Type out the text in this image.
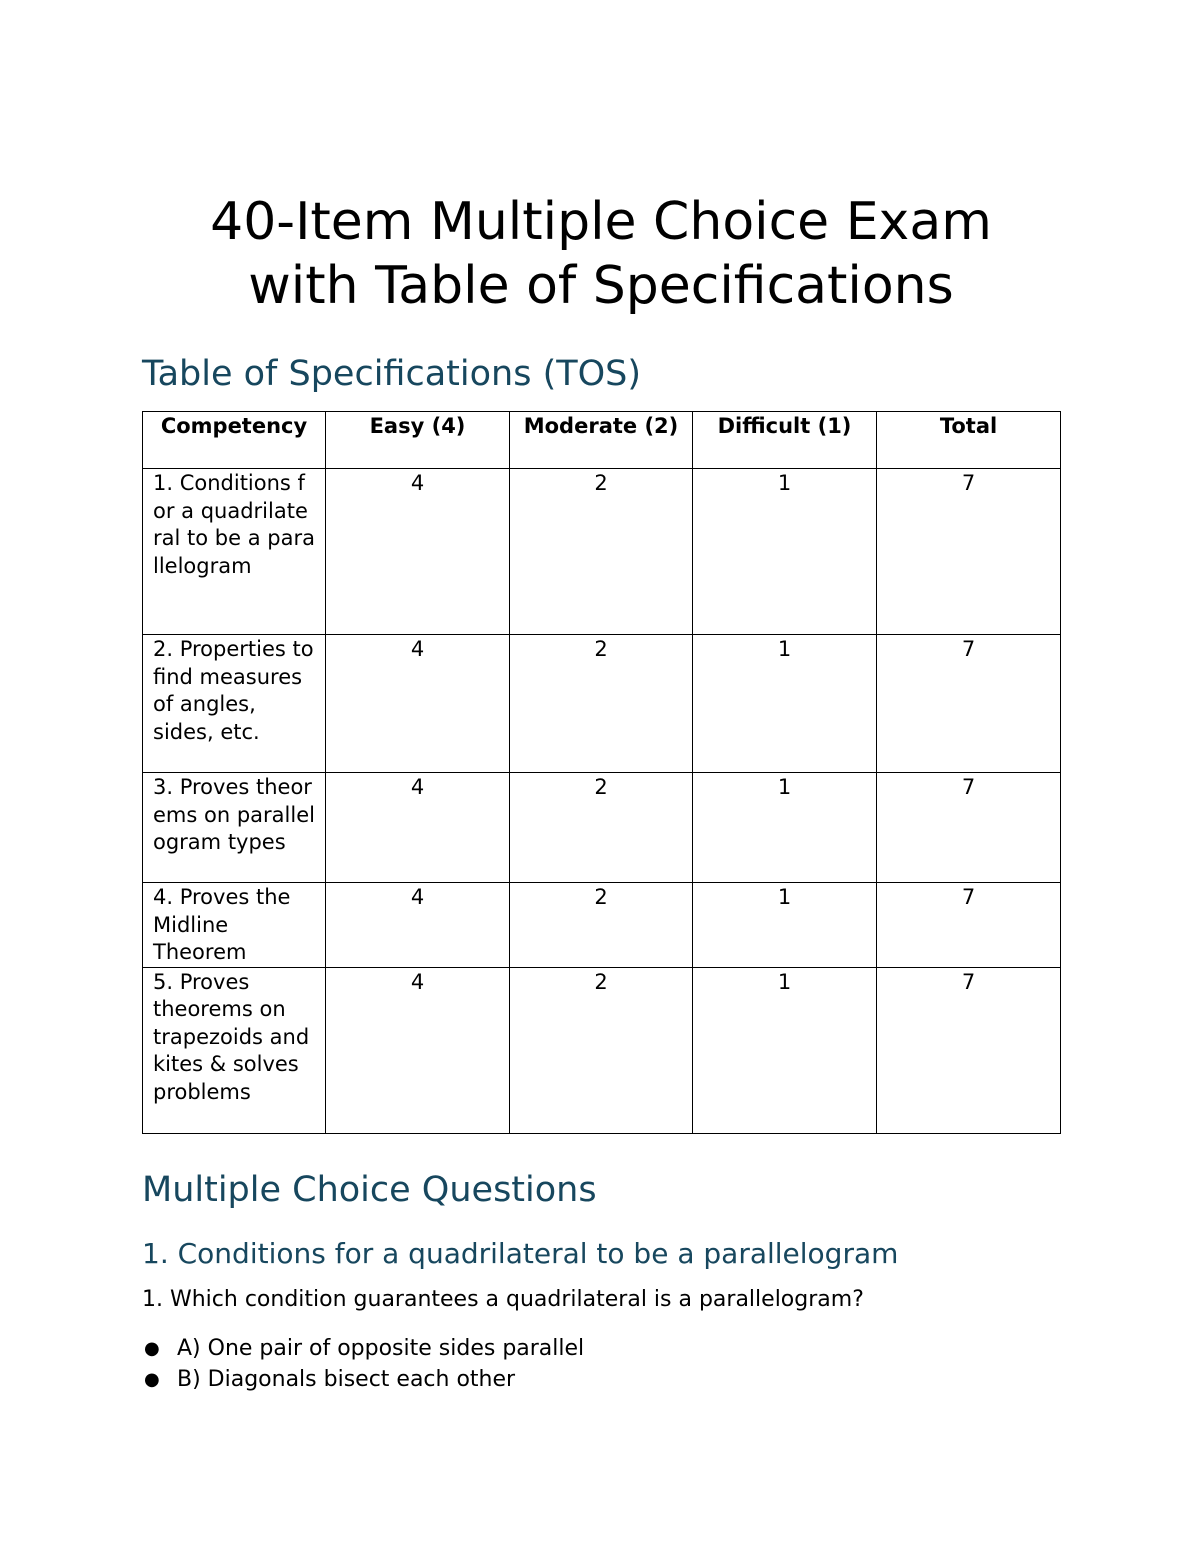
40-Item Multiple Choice Exam
with Table of Specifications
Table of Specifications (TOS)
Competency	Easy (4)	Moderate (2)	Difficult (1)	Total
1. Conditions for a quadrilateral to be a parallelogram	4	2	1	7
2. Properties to find measures of angles, sides, etc.	4	2	1	7
3. Proves theorems on parallelogram types	4	2	1	7
4. Proves the Midline Theorem	4	2	1	7
5. Proves theorems on trapezoids and kites & solves problems	4	2	1	7
Multiple Choice Questions
1. Conditions for a quadrilateral to be a parallelogram

1. Which condition guarantees a quadrilateral is a parallelogram?

● A) One pair of opposite sides parallel
● B) Diagonals bisect each other
